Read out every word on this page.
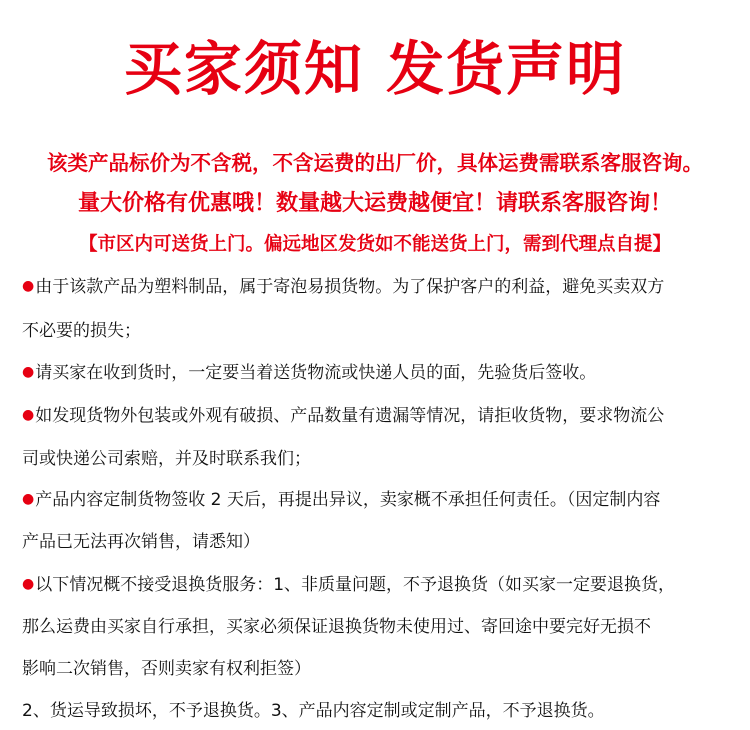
买家须知 发货声明
该类产品标价为不含税，不含运费的出厂价，具体运费需联系客服咨询。
量大价格有优惠哦！数量越大运费越便宜！请联系客服咨询！
【市区内可送货上门。偏远地区发货如不能送货上门，需到代理点自提】
●由于该款产品为塑料制品，属于寄泡易损货物。为了保护客户的利益，避免买卖双方
不必要的损失；
●请买家在收到货时，一定要当着送货物流或快递人员的面，先验货后签收。
●如发现货物外包装或外观有破损、产品数量有遗漏等情况，请拒收货物，要求物流公
司或快递公司索赔，并及时联系我们；
●产品内容定制货物签收 2 天后，再提出异议，卖家概不承担任何责任。（因定制内容
产品已无法再次销售，请悉知）
●以下情况概不接受退换货服务：1、非质量问题，不予退换货（如买家一定要退换货，
那么运费由买家自行承担，买家必须保证退换货物未使用过、寄回途中要完好无损不
影响二次销售，否则卖家有权利拒签）
2、货运导致损坏，不予退换货。3、产品内容定制或定制产品，不予退换货。
